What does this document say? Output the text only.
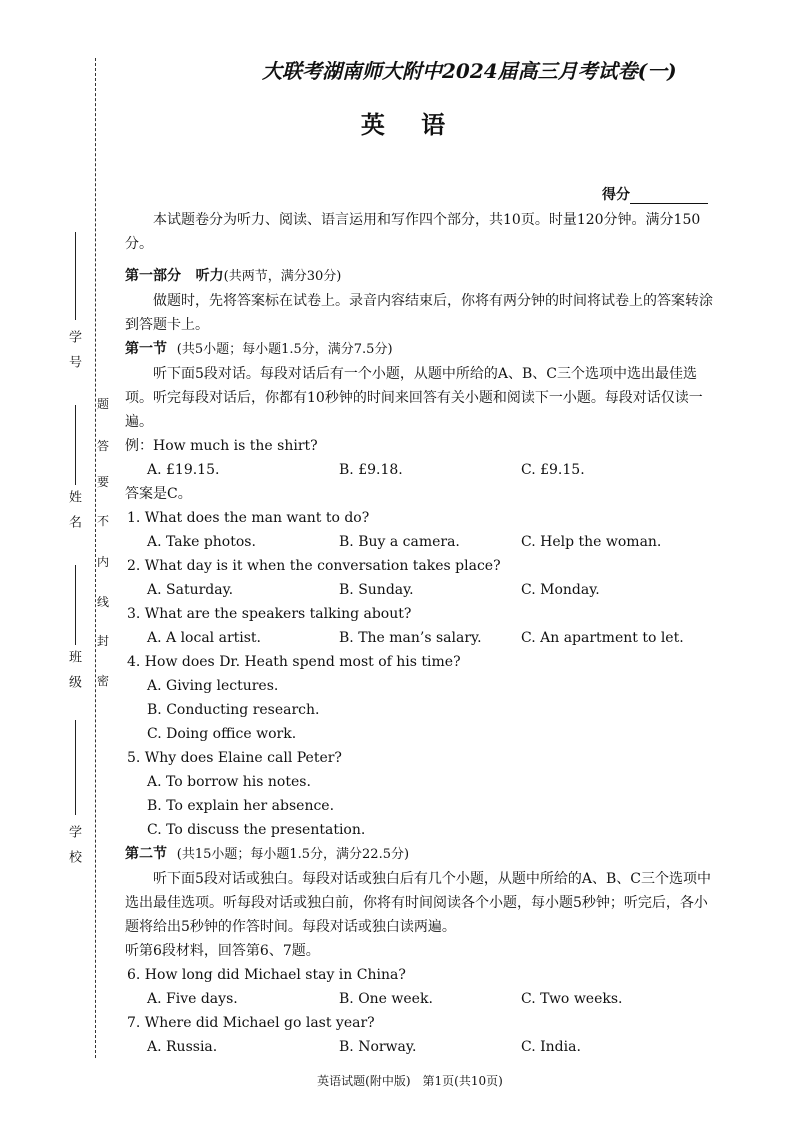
学 号
姓 名
班 级
学 校
题
答
要
不
内
线
封
密
大联考湖南师大附中2024届高三月考试卷(一)
英 语
得分

本试题卷分为听力、阅读、语言运用和写作四个部分，共10页。时量120分钟。满分150分。

第一部分 听力(共两节，满分30分)

做题时，先将答案标在试卷上。录音内容结束后，你将有两分钟的时间将试卷上的答案转涂到答题卡上。

第一节 (共5小题；每小题1.5分，满分7.5分)

听下面5段对话。每段对话后有一个小题，从题中所给的A、B、C三个选项中选出最佳选项。听完每段对话后，你都有10秒钟的时间来回答有关小题和阅读下一小题。每段对话仅读一遍。

例：How much is the shirt?

A. £19.15.	B. £9.18.	C. £9.15.

答案是C。

1. What does the man want to do?

A. Take photos.	B. Buy a camera.	C. Help the woman.

2. What day is it when the conversation takes place?

A. Saturday.	B. Sunday.	C. Monday.

3. What are the speakers talking about?

A. A local artist.	B. The man’s salary.	C. An apartment to let.

4. How does Dr. Heath spend most of his time?

A. Giving lectures.

B. Conducting research.

C. Doing office work.

5. Why does Elaine call Peter?

A. To borrow his notes.

B. To explain her absence.

C. To discuss the presentation.

第二节 (共15小题；每小题1.5分，满分22.5分)

听下面5段对话或独白。每段对话或独白后有几个小题，从题中所给的A、B、C三个选项中选出最佳选项。听每段对话或独白前，你将有时间阅读各个小题，每小题5秒钟；听完后，各小题将给出5秒钟的作答时间。每段对话或独白读两遍。

听第6段材料，回答第6、7题。

6. How long did Michael stay in China?

A. Five days.	B. One week.	C. Two weeks.

7. Where did Michael go last year?

A. Russia.	B. Norway.	C. India.
英语试题(附中版)　第1页(共10页)
